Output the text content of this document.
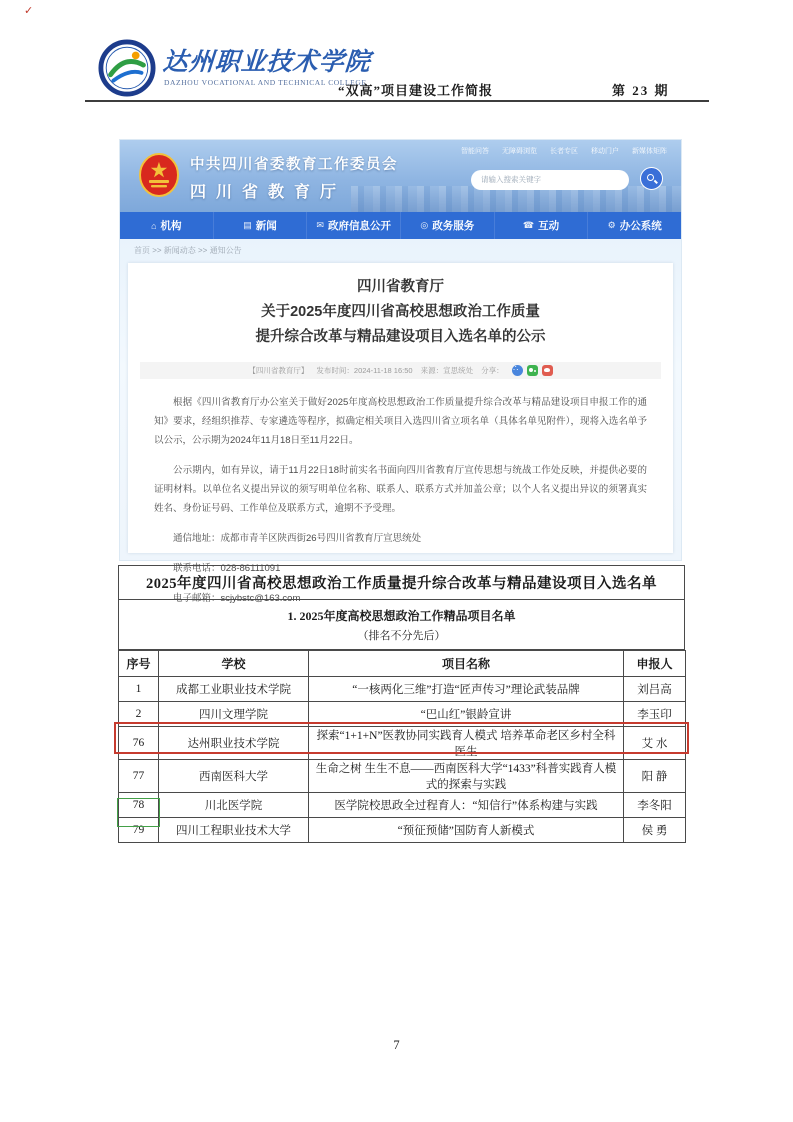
✓
达州职业技术学院
DAZHOU VOCATIONAL AND TECHNICAL COLLEGE
“双高”项目建设工作简报	第 23 期
中共四川省委教育工作委员会
四川省教育厅
智能问答 无障碍浏览 长者专区 移动门户 新媒体矩阵
请输入搜索关键字
⌂ 机构	▤ 新闻	✉ 政府信息公开	◎ 政务服务	☎ 互动	⚙ 办公系统
首页 >> 新闻动态 >> 通知公告
四川省教育厅
关于2025年度四川省高校思想政治工作质量
提升综合改革与精品建设项目入选名单的公示
【四川省教育厅】 发布时间：2024-11-18 16:50 来源：宣思统处 分享：
∴

根据《四川省教育厅办公室关于做好2025年度高校思想政治工作质量提升综合改革与精品建设项目申报工作的通知》要求，经组织推荐、专家遴选等程序，拟确定相关项目入选四川省立项名单（具体名单见附件），现将入选名单予以公示，公示期为2024年11月18日至11月22日。

公示期内，如有异议，请于11月22日18时前实名书面向四川省教育厅宣传思想与统战工作处反映，并提供必要的证明材料。以单位名义提出异议的须写明单位名称、联系人、联系方式并加盖公章；以个人名义提出异议的须署真实姓名、身份证号码、工作单位及联系方式，逾期不予受理。

通信地址：成都市青羊区陕西街26号四川省教育厅宣思统处

联系电话：028-86111091

电子邮箱：scjybstc@163.com

2025年度四川省高校思想政治工作质量提升综合改革与精品建设项目入选名单
1. 2025年度高校思想政治工作精品项目名单
（排名不分先后）
序号	学校	项目名称	申报人
1	成都工业职业技术学院	“一核两化三维”打造“匠声传习”理论武装品牌	刘吕高
2	四川文理学院	“巴山红”银龄宣讲	李玉印
76	达州职业技术学院	探索“1+1+N”医教协同实践育人模式 培养革命老区乡村全科医生	艾 水
77	西南医科大学	生命之树 生生不息——西南医科大学“1433”科普实践育人模式的探索与实践	阳 静
78	川北医学院	医学院校思政全过程育人：“知信行”体系构建与实践	李冬阳
79	四川工程职业技术大学	“预征预储”国防育人新模式	侯 勇
7
